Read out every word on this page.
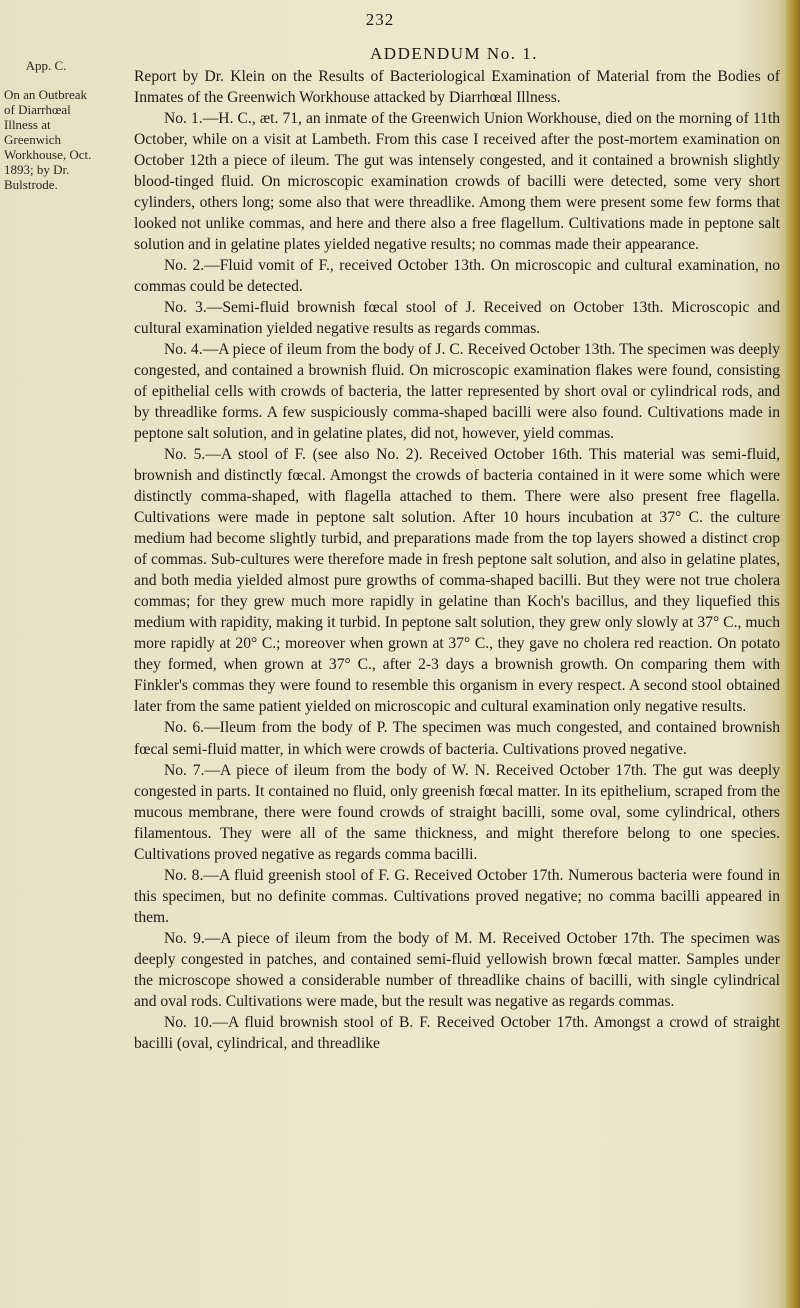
232
ADDENDUM No. 1.
App. C.
On an Outbreak of Diarrhœal Illness at Greenwich Workhouse, Oct. 1893; by Dr. Bulstrode.

Report by Dr. Klein on the Results of Bacteriological Examination of Material from the Bodies of Inmates of the Greenwich Workhouse attacked by Diarrhœal Illness.

No. 1.—H. C., æt. 71, an inmate of the Greenwich Union Workhouse, died on the morning of 11th October, while on a visit at Lambeth. From this case I received after the post-mortem examination on October 12th a piece of ileum. The gut was intensely congested, and it contained a brownish slightly blood-tinged fluid. On microscopic examination crowds of bacilli were detected, some very short cylinders, others long; some also that were threadlike. Among them were present some few forms that looked not unlike commas, and here and there also a free flagellum. Cultivations made in peptone salt solution and in gelatine plates yielded negative results; no commas made their appearance.

No. 2.—Fluid vomit of F., received October 13th. On microscopic and cultural examination, no commas could be detected.

No. 3.—Semi-fluid brownish fœcal stool of J. Received on October 13th. Microscopic and cultural examination yielded negative results as regards commas.

No. 4.—A piece of ileum from the body of J. C. Received October 13th. The specimen was deeply congested, and contained a brownish fluid. On microscopic examination flakes were found, consisting of epithelial cells with crowds of bacteria, the latter represented by short oval or cylindrical rods, and by threadlike forms. A few suspiciously comma-shaped bacilli were also found. Cultivations made in peptone salt solution, and in gelatine plates, did not, however, yield commas.

No. 5.—A stool of F. (see also No. 2). Received October 16th. This material was semi-fluid, brownish and distinctly fœcal. Amongst the crowds of bacteria contained in it were some which were distinctly comma-shaped, with flagella attached to them. There were also present free flagella. Cultivations were made in peptone salt solution. After 10 hours incubation at 37° C. the culture medium had become slightly turbid, and preparations made from the top layers showed a distinct crop of commas. Sub-cultures were therefore made in fresh peptone salt solution, and also in gelatine plates, and both media yielded almost pure growths of comma-shaped bacilli. But they were not true cholera commas; for they grew much more rapidly in gelatine than Koch's bacillus, and they liquefied this medium with rapidity, making it turbid. In peptone salt solution, they grew only slowly at 37° C., much more rapidly at 20° C.; moreover when grown at 37° C., they gave no cholera red reaction. On potato they formed, when grown at 37° C., after 2-3 days a brownish growth. On comparing them with Finkler's commas they were found to resemble this organism in every respect. A second stool obtained later from the same patient yielded on microscopic and cultural examination only negative results.

No. 6.—Ileum from the body of P. The specimen was much congested, and contained brownish fœcal semi-fluid matter, in which were crowds of bacteria. Cultivations proved negative.

No. 7.—A piece of ileum from the body of W. N. Received October 17th. The gut was deeply congested in parts. It contained no fluid, only greenish fœcal matter. In its epithelium, scraped from the mucous membrane, there were found crowds of straight bacilli, some oval, some cylindrical, others filamentous. They were all of the same thickness, and might therefore belong to one species. Cultivations proved negative as regards comma bacilli.

No. 8.—A fluid greenish stool of F. G. Received October 17th. Numerous bacteria were found in this specimen, but no definite commas. Cultivations proved negative; no comma bacilli appeared in them.

No. 9.—A piece of ileum from the body of M. M. Received October 17th. The specimen was deeply congested in patches, and contained semi-fluid yellowish brown fœcal matter. Samples under the microscope showed a considerable number of threadlike chains of bacilli, with single cylindrical and oval rods. Cultivations were made, but the result was negative as regards commas.

No. 10.—A fluid brownish stool of B. F. Received October 17th. Amongst a crowd of straight bacilli (oval, cylindrical, and threadlike
